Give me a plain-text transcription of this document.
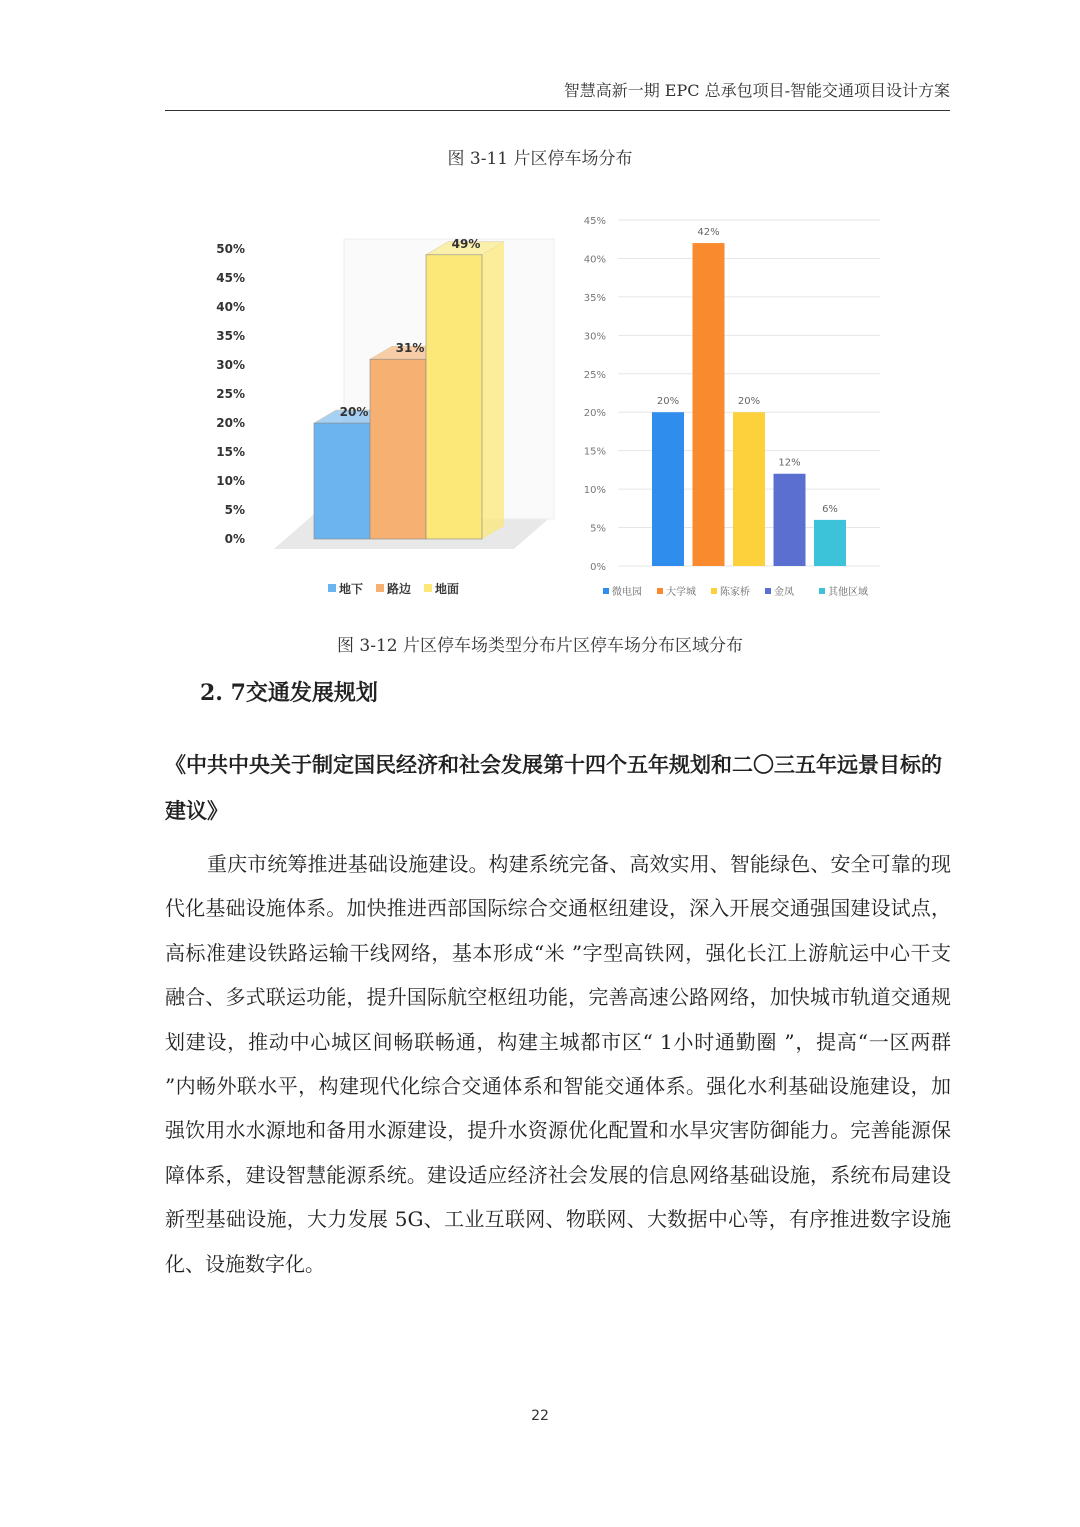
智慧高新一期 EPC 总承包项目-智能交通项目设计方案
图 3-11 片区停车场分布
0%
5%
10%
15%
20%
25%
30%
35%
40%
45%
50%
20%
31%
49%
地下 路边 地面
0%
5%
10%
15%
20%
25%
30%
35%
40%
45%
20%
42%
20%
12%
6%
微电园 大学城 陈家桥 金凤	其他区域
图 3-12 片区停车场类型分布片区停车场分布区域分布
2. 7交通发展规划
《中共中央关于制定国民经济和社会发展第十四个五年规划和二〇三五年远景目标的建议》
重庆市统筹推进基础设施建设。构建系统完备、高效实用、智能绿色、安全可靠的现代化基础设施体系。加快推进西部国际综合交通枢纽建设，深入开展交通强国建设试点，高标准建设铁路运输干线网络，基本形成“米 ”字型高铁网，强化长江上游航运中心干支融合、多式联运功能，提升国际航空枢纽功能，完善高速公路网络，加快城市轨道交通规划建设，推动中心城区间畅联畅通，构建主城都市区“ 1小时通勤圈 ”，提高“一区两群 ”内畅外联水平，构建现代化综合交通体系和智能交通体系。强化水利基础设施建设，加强饮用水水源地和备用水源建设，提升水资源优化配置和水旱灾害防御能力。完善能源保障体系，建设智慧能源系统。建设适应经济社会发展的信息网络基础设施，系统布局建设新型基础设施，大力发展 5G、工业互联网、物联网、大数据中心等，有序推进数字设施化、设施数字化。
22
